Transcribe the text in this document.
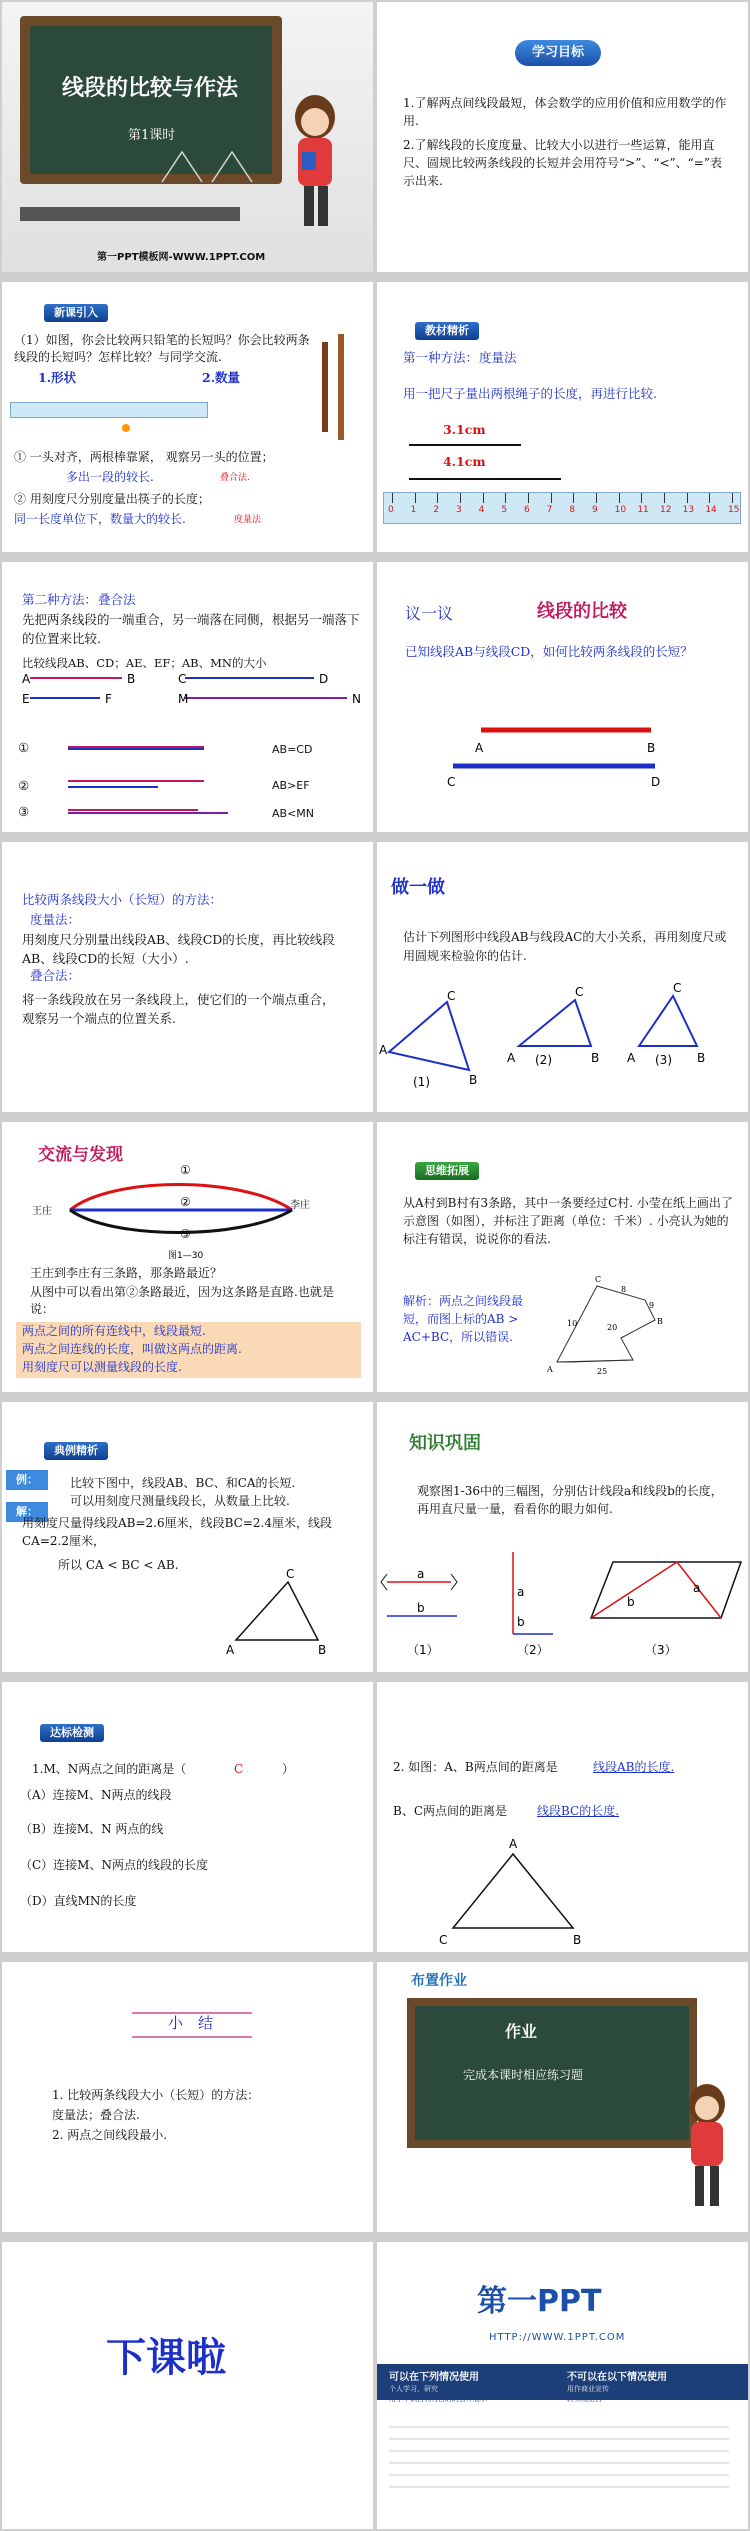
线段的比较与作法
第1课时
第一PPT模板网-WWW.1PPT.COM
学习目标
1.了解两点间线段最短，体会数学的应用价值和应用数学的作用.
2.了解线段的长度度量、比较大小以进行一些运算，能用直尺、圆规比较两条线段的长短并会用符号“>”、“<”、“=”表示出来.
新课引入
（1）如图，你会比较两只铅笔的长短吗？你会比较两条线段的长短吗？怎样比较？与同学交流.
1.形状	2.数量
① 一头对齐，两根棒靠紧， 观察另一头的位置；
多出一段的较长.	叠合法.
② 用刻度尺分别度量出筷子的长度；
同一长度单位下，数量大的较长.	度量法
教材精析
第一种方法： 度量法
用一把尺子量出两根绳子的长度，再进行比较.
3.1cm
4.1cm
0 1 2 3 4 5 6 7 8 9 10 11 12 13 14 15
第二种方法： 叠合法
先把两条线段的一端重合，另一端落在同侧，根据另一端落下的位置来比较.
比较线段AB、CD；AE、EF；AB、MN的大小
A	B	C	D
E	F	M	N
①	AB=CD
②	AB>EF
③	AB<MN
议一议	线段的比较
已知线段AB与线段CD，如何比较两条线段的长短？
A	B
C	D
比较两条线段大小（长短）的方法：
度量法：
用刻度尺分别量出线段AB、线段CD的长度，再比较线段AB、线段CD的长短（大小）.
叠合法：
将一条线段放在另一条线段上，使它们的一个端点重合，观察另一个端点的位置关系.
做一做
估计下列图形中线段AB与线段AC的大小关系，再用刻度尺或用圆规来检验你的估计.
A
C
B
(1)
A
C
B
(2)	A
C
B
(3)
交流与发现
王庄
李庄
①
②
③
图1—30
王庄到李庄有三条路，那条路最近？
从图中可以看出第②条路最近，因为这条路是直路.也就是说：
两点之间的所有连线中，线段最短.
两点之间连线的长度，叫做这两点的距离.
用刻度尺可以测量线段的长度.
思维拓展
从A村到B村有3条路，其中一条要经过C村. 小莹在纸上画出了示意图（如图），并标注了距离（单位：千米）. 小亮认为她的标注有错误，说说你的看法.
解析：两点之间线段最短，而图上标的AB > AC+BC，所以错误.
C
A
B
20
10
25
8
9
典例精析
例：
解：
比较下图中，线段AB、BC、和CA的长短.
可以用刻度尺测量线段长，从数量上比较.
用刻度尺量得线段AB=2.6厘米，线段BC=2.4厘米，线段CA=2.2厘米，
所以 CA < BC < AB.
A
C
B
知识巩固
观察图1-36中的三幅图，分别估计线段a和线段b的长度，再用直尺量一量，看看你的眼力如何.
a
b
（1）
a
b
（2）
a
b
（3）
达标检测
1.M、N两点之间的距离是（	C	）
（A）连接M、N两点的线段
（B）连接M、N 两点的线
（C）连接M、N两点的线段的长度
（D）直线MN的长度
2. 如图：A、B两点间的距离是	线段AB的长度.
B、C两点间的距离是 线段BC的长度.
A
C	B
小　结
1. 比较两条线段大小（长短）的方法：
度量法；叠合法.
2. 两点之间线段最小.
布置作业
作业
完成本课时相应练习题
下课啦
第一PPT
HTTP://WWW.1PPT.COM
可以在下列情况使用	不可以在以下情况使用
个人学习、研究
用于不以营利为目的的公开展示
用作商业宣传
转卖或出售
